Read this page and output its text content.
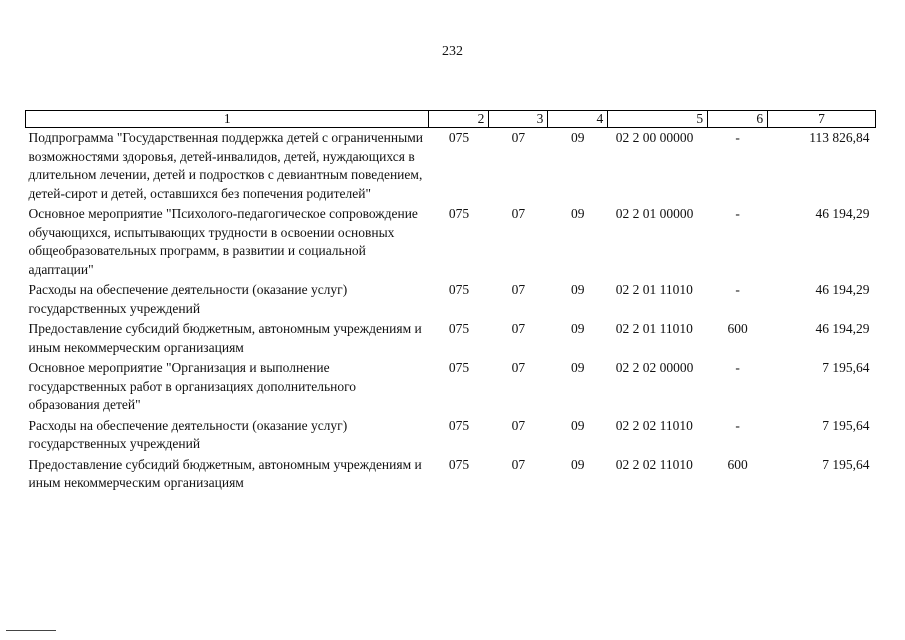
232
1	2	3	4	5	6	7
Подпрограмма "Государственная поддержка детей с ограниченными возможностями здоровья, детей-инвалидов, детей, нуждающихся в длительном лечении, детей и подростков с девиантным поведением, детей-сирот и детей, оставшихся без попечения родителей"	075	07	09	02 2 00 00000	-	113 826,84
Основное мероприятие "Психолого-педагогическое сопровождение обучающихся, испытывающих трудности в освоении основных общеобразовательных программ, в развитии и социальной адаптации"	075	07	09	02 2 01 00000	-	46 194,29
Расходы на обеспечение деятельности (оказание услуг) государственных учреждений	075	07	09	02 2 01 11010	-	46 194,29
Предоставление субсидий бюджетным, автономным учреждениям и иным некоммерческим организациям	075	07	09	02 2 01 11010	600	46 194,29
Основное мероприятие "Организация и выполнение государственных работ в организациях дополнительного образования детей"	075	07	09	02 2 02 00000	-	7 195,64
Расходы на обеспечение деятельности (оказание услуг) государственных учреждений	075	07	09	02 2 02 11010	-	7 195,64
Предоставление субсидий бюджетным, автономным учреждениям и иным некоммерческим организациям	075	07	09	02 2 02 11010	600	7 195,64
